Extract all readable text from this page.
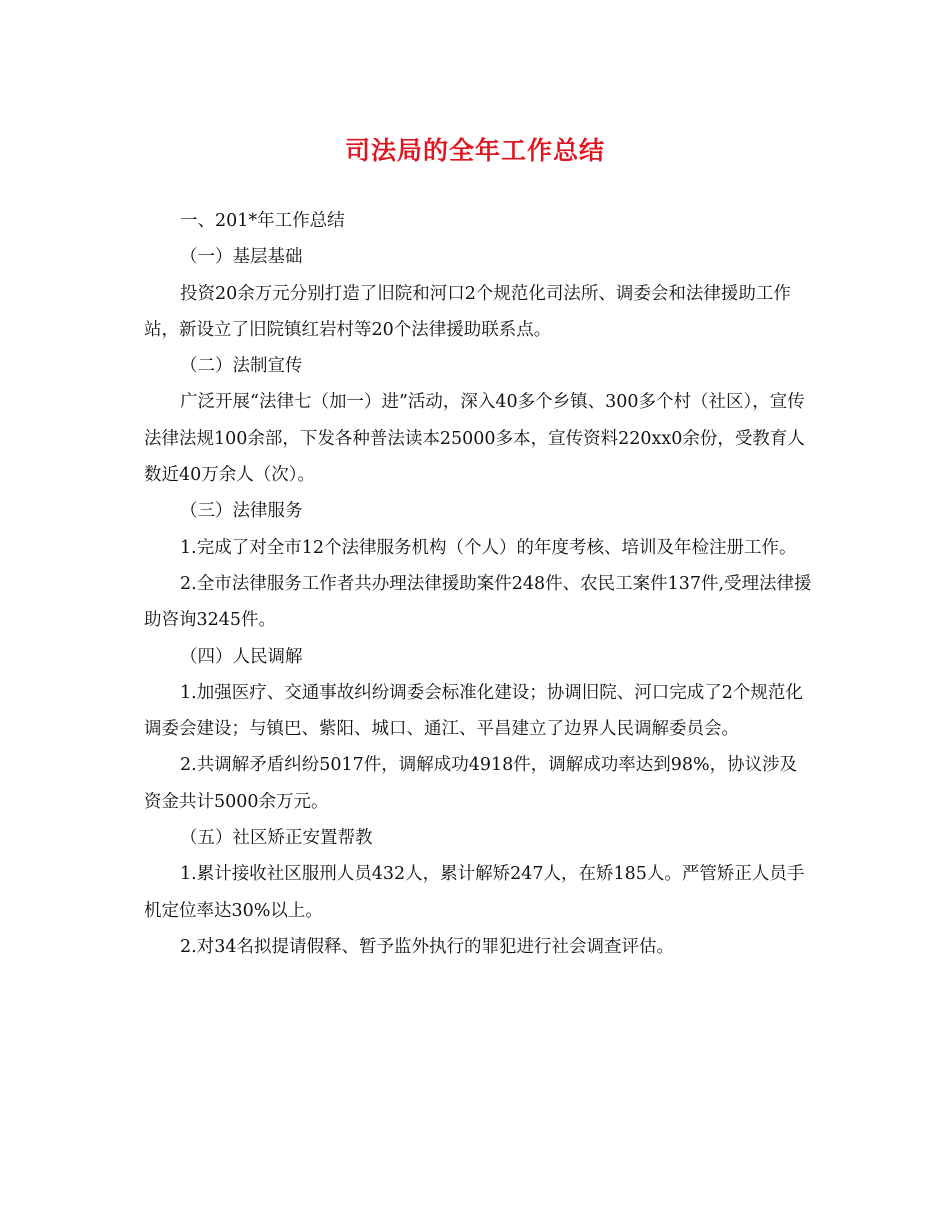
司法局的全年工作总结

一、201*年工作总结

（一）基层基础

投资20余万元分别打造了旧院和河口2个规范化司法所、调委会和法律援助工作站，新设立了旧院镇红岩村等20个法律援助联系点。

（二）法制宣传

广泛开展“法律七（加一）进”活动，深入40多个乡镇、300多个村（社区），宣传法律法规100余部，下发各种普法读本25000多本，宣传资料220xx0余份，受教育人数近40万余人（次）。

（三）法律服务

1.完成了对全市12个法律服务机构（个人）的年度考核、培训及年检注册工作。

2.全市法律服务工作者共办理法律援助案件248件、农民工案件137件,受理法律援助咨询3245件。

（四）人民调解

1.加强医疗、交通事故纠纷调委会标准化建设；协调旧院、河口完成了2个规范化调委会建设；与镇巴、紫阳、城口、通江、平昌建立了边界人民调解委员会。

2.共调解矛盾纠纷5017件，调解成功4918件，调解成功率达到98%，协议涉及资金共计5000余万元。

（五）社区矫正安置帮教

1.累计接收社区服刑人员432人，累计解矫247人，在矫185人。严管矫正人员手机定位率达30%以上。

2.对34名拟提请假释、暂予监外执行的罪犯进行社会调查评估。
